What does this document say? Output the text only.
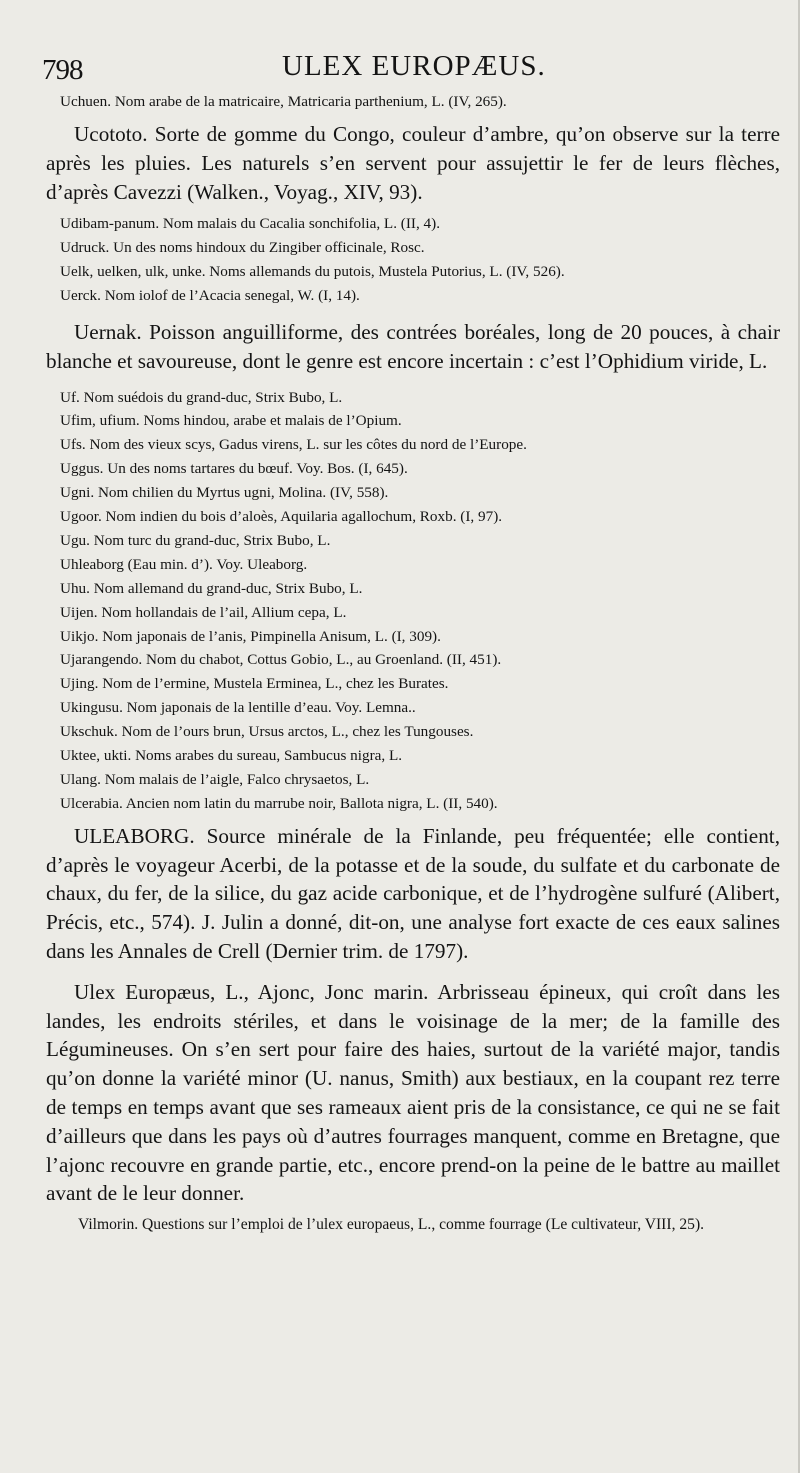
798	ULEX EUROPÆUS.

Uchuen. Nom arabe de la matricaire, Matricaria parthenium, L. (IV, 265).

Ucototo. Sorte de gomme du Congo, couleur d’ambre, qu’on observe sur la terre après les pluies. Les naturels s’en servent pour assujettir le fer de leurs flèches, d’après Cavezzi (Walken., Voyag., XIV, 93).

Udibam-panum. Nom malais du Cacalia sonchifolia, L. (II, 4).

Udruck. Un des noms hindoux du Zingiber officinale, Rosc.

Uelk, uelken, ulk, unke. Noms allemands du putois, Mustela Putorius, L. (IV, 526).

Uerck. Nom iolof de l’Acacia senegal, W. (I, 14).

Uernak. Poisson anguilliforme, des contrées boréales, long de 20 pouces, à chair blanche et savoureuse, dont le genre est encore incertain : c’est l’Ophidium viride, L.

Uf. Nom suédois du grand-duc, Strix Bubo, L.

Ufim, ufium. Noms hindou, arabe et malais de l’Opium.

Ufs. Nom des vieux scys, Gadus virens, L. sur les côtes du nord de l’Europe.

Uggus. Un des noms tartares du bœuf. Voy. Bos. (I, 645).

Ugni. Nom chilien du Myrtus ugni, Molina. (IV, 558).

Ugoor. Nom indien du bois d’aloès, Aquilaria agallochum, Roxb. (I, 97).

Ugu. Nom turc du grand-duc, Strix Bubo, L.

Uhleaborg (Eau min. d’). Voy. Uleaborg.

Uhu. Nom allemand du grand-duc, Strix Bubo, L.

Uijen. Nom hollandais de l’ail, Allium cepa, L.

Uikjo. Nom japonais de l’anis, Pimpinella Anisum, L. (I, 309).

Ujarangendo. Nom du chabot, Cottus Gobio, L., au Groenland. (II, 451).

Ujing. Nom de l’ermine, Mustela Erminea, L., chez les Burates.

Ukingusu. Nom japonais de la lentille d’eau. Voy. Lemna..

Ukschuk. Nom de l’ours brun, Ursus arctos, L., chez les Tungouses.

Uktee, ukti. Noms arabes du sureau, Sambucus nigra, L.

Ulang. Nom malais de l’aigle, Falco chrysaetos, L.

Ulcerabia. Ancien nom latin du marrube noir, Ballota nigra, L. (II, 540).

ULEABORG. Source minérale de la Finlande, peu fréquentée; elle contient, d’après le voyageur Acerbi, de la potasse et de la soude, du sulfate et du carbonate de chaux, du fer, de la silice, du gaz acide carbonique, et de l’hydrogène sulfuré (Alibert, Précis, etc., 574). J. Julin a donné, dit-on, une analyse fort exacte de ces eaux salines dans les Annales de Crell (Dernier trim. de 1797).

Ulex Europæus, L., Ajonc, Jonc marin. Arbrisseau épineux, qui croît dans les landes, les endroits stériles, et dans le voisinage de la mer; de la famille des Légumineuses. On s’en sert pour faire des haies, surtout de la variété major, tandis qu’on donne la variété minor (U. nanus, Smith) aux bestiaux, en la coupant rez terre de temps en temps avant que ses rameaux aient pris de la consistance, ce qui ne se fait d’ailleurs que dans les pays où d’autres fourrages manquent, comme en Bretagne, que l’ajonc recouvre en grande partie, etc., encore prend-on la peine de le battre au maillet avant de le leur donner.

Vilmorin. Questions sur l’emploi de l’ulex europaeus, L., comme fourrage (Le cultivateur, VIII, 25).
